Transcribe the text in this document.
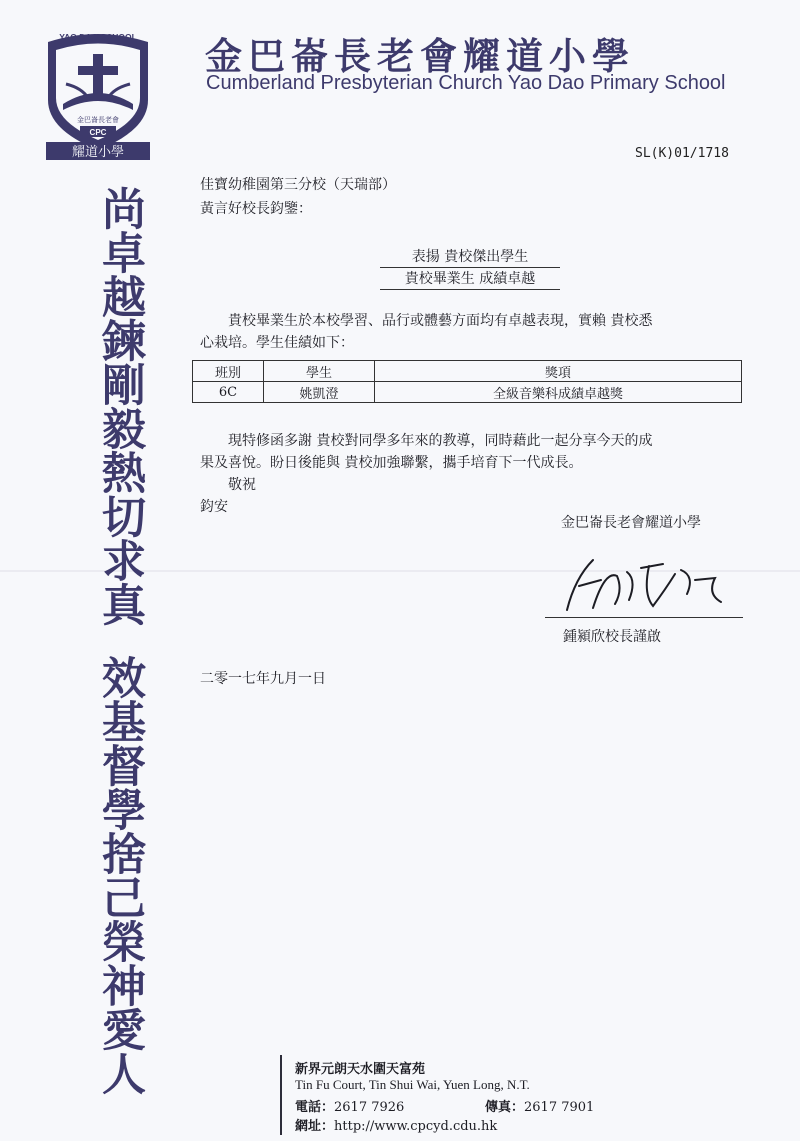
YAO DAO SCHOOL
金巴崙長老會
CPC
耀道小學
金巴崙長老會耀道小學
Cumberland Presbyterian Church Yao Dao Primary School
SL(K)01/1718
尚卓越鍊剛毅熱切求真
效基督學捨己榮神愛人
佳寶幼稚園第三分校（天瑞部）
黃言好校長鈞鑒：
表揚 貴校傑出學生
貴校畢業生 成績卓越
貴校畢業生於本校學習、品行或體藝方面均有卓越表現，實賴 貴校悉
心栽培。學生佳績如下：
班別	學生	獎項
6C	姚凱澄	全級音樂科成績卓越獎
現特修函多謝 貴校對同學多年來的教導，同時藉此一起分享今天的成
果及喜悅。盼日後能與 貴校加強聯繫，攜手培育下一代成長。
敬祝
鈞安
金巴崙長老會耀道小學
鍾潁欣校長謹啟
二零一七年九月一日
新界元朗天水圍天富苑
Tin Fu Court, Tin Shui Wai, Yuen Long, N.T.
電話：2617 7926	傳真：2617 7901
網址：http://www.cpcyd.cdu.hk
